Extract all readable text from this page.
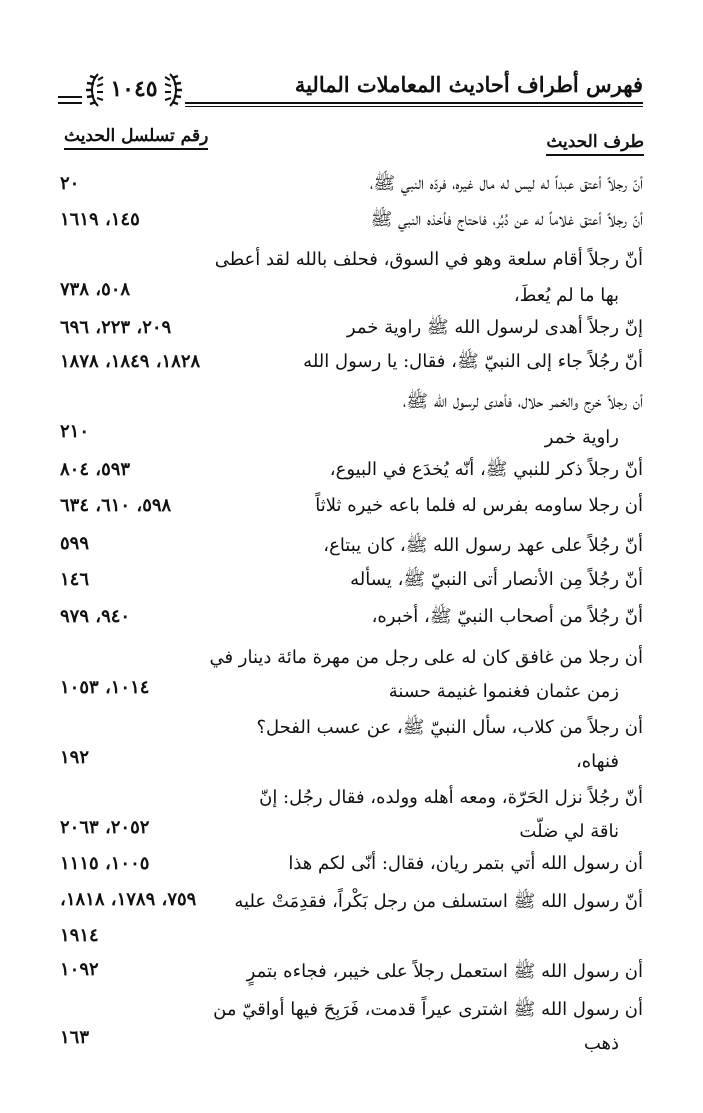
فهرس أطراف أحاديث المعاملات المالية
١٠٤٥
طرف الحديث
رقم تسلسل الحديث
أنّ رجلاً أعتق عبداً له ليس له مال غيره، فردّه النبي ﷺ،
٢٠
أنّ رجلاً أعتق غلاماً له عن دُبُر، فاحتاج فأخذه النبي ﷺ
١٤٥، ١٦١٩
أنّ رجلاً أقام سلعة وهو في السوق، فحلف بالله لقد أعطى
بها ما لم يُعطَ،
٥٠٨، ٧٣٨
إنّ رجلاً أهدى لرسول الله ﷺ راوية خمر
٢٠٩، ٢٢٣، ٦٩٦
أنّ رجُلاً جاء إلى النبيّ ﷺ، فقال: يا رسول الله
١٨٢٨، ١٨٤٩، ١٨٧٨
أن رجلاً خرج والخمر حلال، فأهدى لرسول الله ﷺ،
راوية خمر
٢١٠
أنّ رجلاً ذكر للنبي ﷺ، أنّه يُخدَع في البيوع،
٥٩٣، ٨٠٤
أن رجلا ساومه بفرس له فلما باعه خيره ثلاثاً
٥٩٨، ٦١٠، ٦٣٤
أنّ رجُلاً على عهد رسول الله ﷺ، كان يبتاع،
٥٩٩
أنّ رجُلاً مِن الأنصار أتى النبيّ ﷺ، يسأله
١٤٦
أنّ رجُلاً من أصحاب النبيّ ﷺ، أخبره،
٩٤٠، ٩٧٩
أن رجلا من غافق كان له على رجل من مهرة مائة دينار في
زمن عثمان فغنموا غنيمة حسنة
١٠١٤، ١٠٥٣
أن رجلاً من كلاب، سأل النبيّ ﷺ، عن عسب الفحل؟
فنهاه،
١٩٢
أنّ رجُلاً نزل الحَرّة، ومعه أهله وولده، فقال رجُل: إنّ
ناقة لي ضلّت
٢٠٥٢، ٢٠٦٣
أن رسول الله أتي بتمر ريان، فقال: أنّى لكم هذا
١٠٠٥، ١١١٥
أنّ رسول الله ﷺ استسلف من رجل بَكْراً، فقدِمَتْ عليه
٧٥٩، ١٧٨٩، ١٨١٨،
١٩١٤
أن رسول الله ﷺ استعمل رجلاً على خيبر، فجاءه بتمرٍ
١٠٩٢
أن رسول الله ﷺ اشترى عيراً قدمت، فَرَبِحَ فيها أواقيّ من
ذهب
١٦٣
